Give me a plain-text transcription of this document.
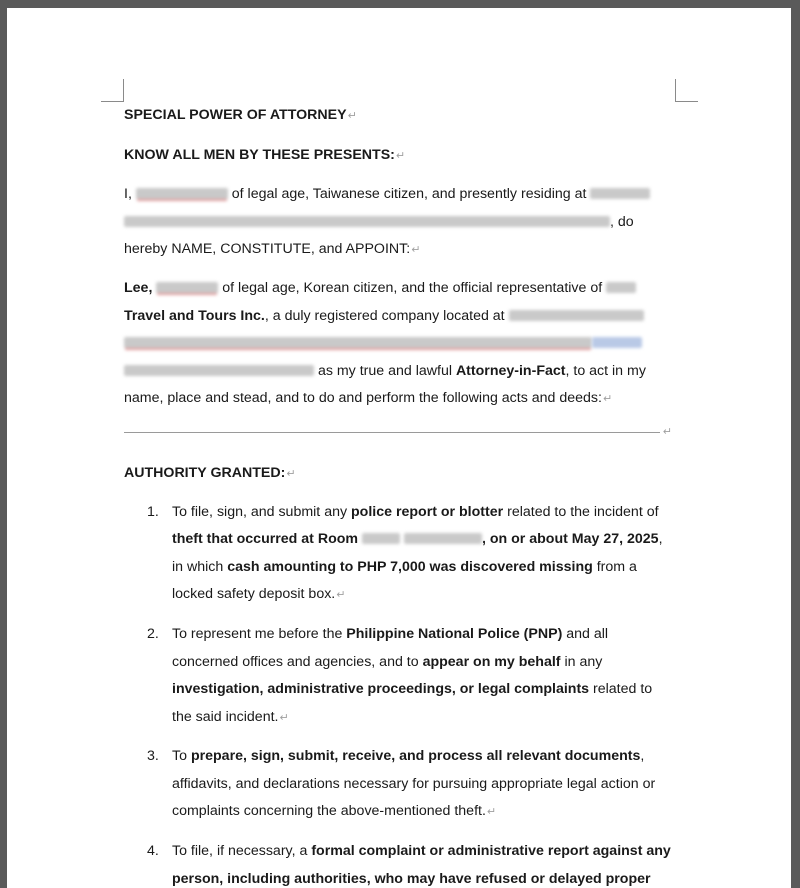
SPECIAL POWER OF ATTORNEY↵

KNOW ALL MEN BY THESE PRESENTS:↵

I,	of legal age, Taiwanese citizen, and presently residing at  , do hereby NAME, CONSTITUTE, and APPOINT:↵

Lee,	of legal age, Korean citizen, and the official representative of  Travel and Tours Inc., a duly registered company located at    as my true and lawful Attorney-in-Fact, to act in my name, place and stead, and to do and perform the following acts and deeds:↵

↵

AUTHORITY GRANTED:↵

1. To file, sign, and submit any police report or blotter related to the incident of theft that occurred at Room	, on or about May 27, 2025, in which cash amounting to PHP 7,000 was discovered missing from a locked safety deposit box.↵
2. To represent me before the Philippine National Police (PNP) and all concerned offices and agencies, and to appear on my behalf in any investigation, administrative proceedings, or legal complaints related to the said incident.↵
3. To prepare, sign, submit, receive, and process all relevant documents, affidavits, and declarations necessary for pursuing appropriate legal action or complaints concerning the above-mentioned theft.↵
4. To file, if necessary, a formal complaint or administrative report against any person, including authorities, who may have refused or delayed proper
